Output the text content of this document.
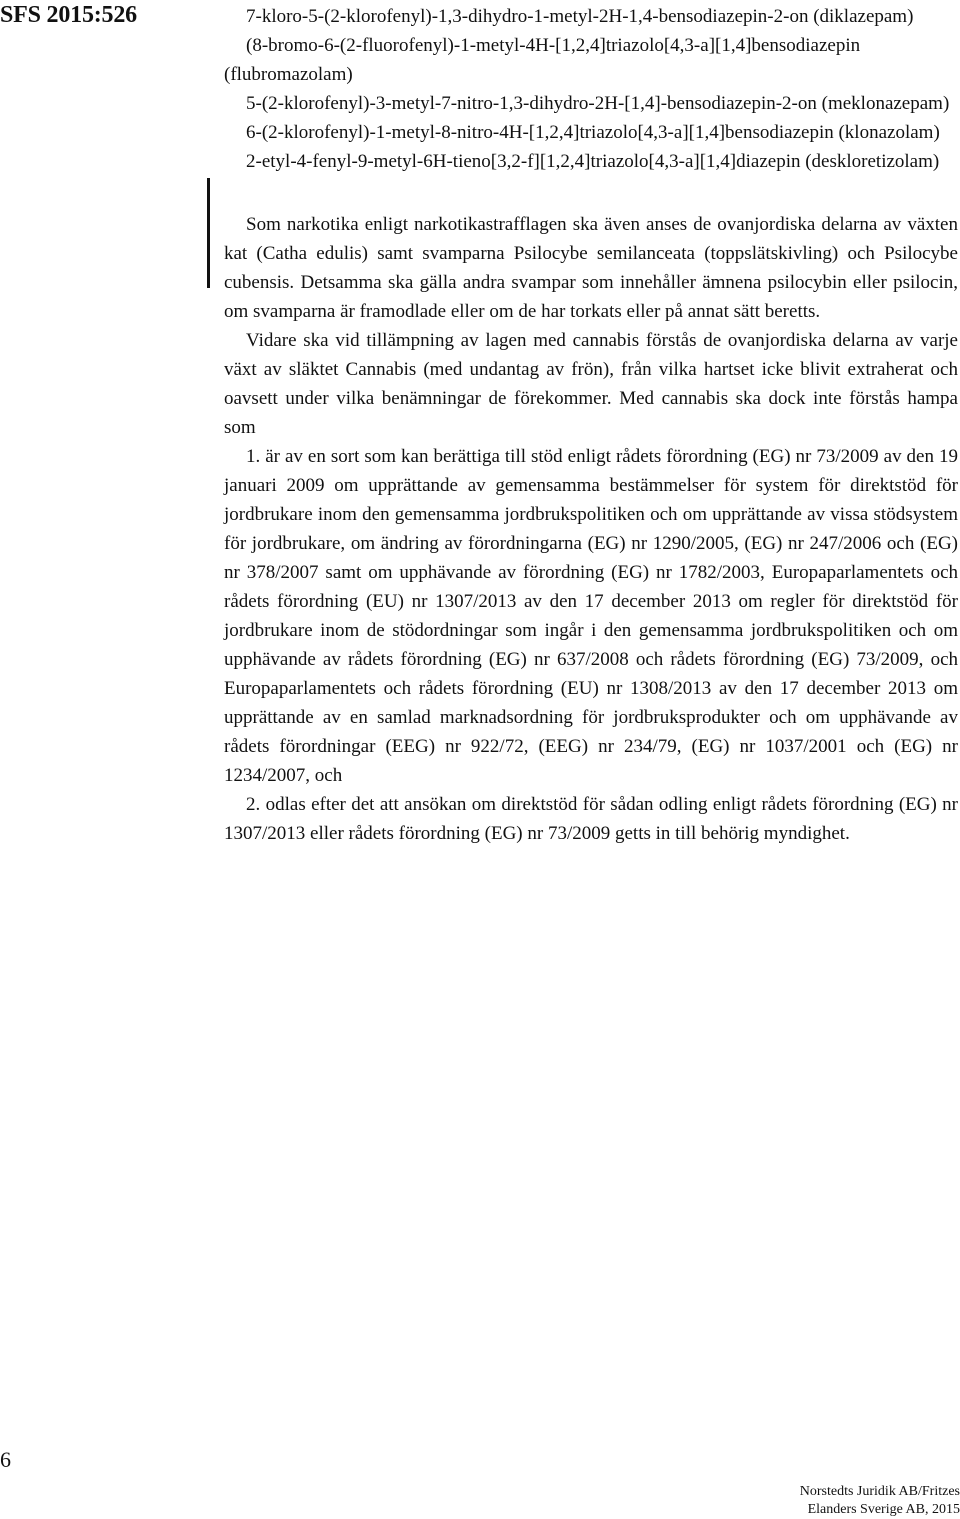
SFS 2015:526	7-kloro-5-(2-klorofenyl)-1,3-dihydro-1-metyl-2H-1,4-bensodiazepin-2-on (diklazepam)

(8-bromo-6-(2-fluorofenyl)-1-metyl-4H-[1,2,4]triazolo[4,3-a][1,4]bensodiazepin (flubromazolam)

5-(2-klorofenyl)-3-metyl-7-nitro-1,3-dihydro-2H-[1,4]-bensodiazepin-2-on (meklonazepam)

6-(2-klorofenyl)-1-metyl-8-nitro-4H-[1,2,4]triazolo[4,3-a][1,4]bensodiazepin (klonazolam)

2-etyl-4-fenyl-9-metyl-6H-tieno[3,2-f][1,2,4]triazolo[4,3-a][1,4]diazepin (deskloretizolam)

Som narkotika enligt narkotikastrafflagen ska även anses de ovanjordiska delarna av växten kat (Catha edulis) samt svamparna Psilocybe semilanceata (toppslätskivling) och Psilocybe cubensis. Detsamma ska gälla andra svampar som innehåller ämnena psilocybin eller psilocin, om svamparna är framodlade eller om de har torkats eller på annat sätt beretts.

Vidare ska vid tillämpning av lagen med cannabis förstås de ovanjordiska delarna av varje växt av släktet Cannabis (med undantag av frön), från vilka hartset icke blivit extraherat och oavsett under vilka benämningar de förekommer. Med cannabis ska dock inte förstås hampa som

1. är av en sort som kan berättiga till stöd enligt rådets förordning (EG) nr 73/2009 av den 19 januari 2009 om upprättande av gemensamma bestämmelser för system för direktstöd för jordbrukare inom den gemensamma jordbrukspolitiken och om upprättande av vissa stödsystem för jordbrukare, om ändring av förordningarna (EG) nr 1290/2005, (EG) nr 247/2006 och (EG) nr 378/2007 samt om upphävande av förordning (EG) nr 1782/2003, Europaparlamentets och rådets förordning (EU) nr 1307/2013 av den 17 december 2013 om regler för direktstöd för jordbrukare inom de stödordningar som ingår i den gemensamma jordbrukspolitiken och om upphävande av rådets förordning (EG) nr 637/2008 och rådets förordning (EG) 73/2009, och Europaparlamentets och rådets förordning (EU) nr 1308/2013 av den 17 december 2013 om upprättande av en samlad marknadsordning för jordbruksprodukter och om upphävande av rådets förordningar (EEG) nr 922/72, (EEG) nr 234/79, (EG) nr 1037/2001 och (EG) nr 1234/2007, och

2. odlas efter det att ansökan om direktstöd för sådan odling enligt rådets förordning (EG) nr 1307/2013 eller rådets förordning (EG) nr 73/2009 getts in till behörig myndighet.

6
Norstedts Juridik AB/Fritzes
Elanders Sverige AB, 2015
